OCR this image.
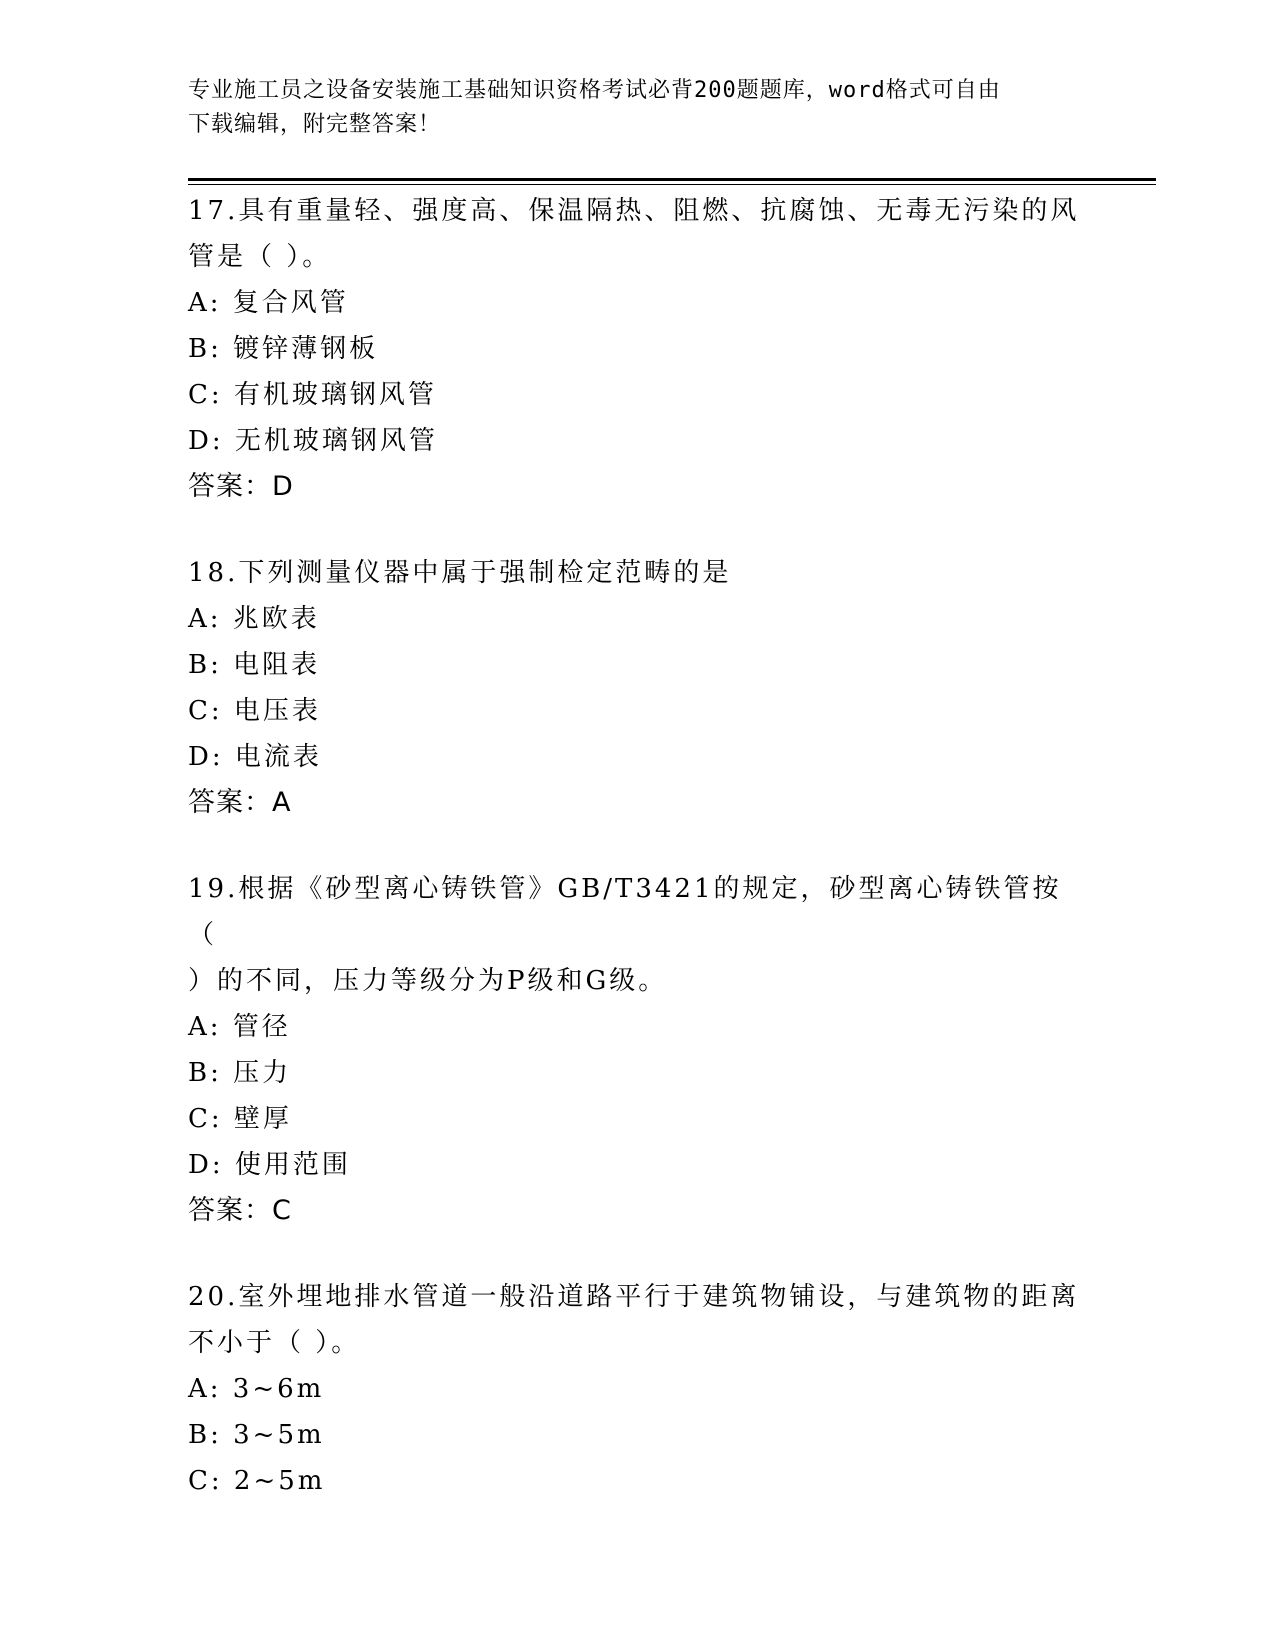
专业施工员之设备安装施工基础知识资格考试必背200题题库，word格式可自由
下载编辑，附完整答案！
17.具有重量轻、强度高、保温隔热、阻燃、抗腐蚀、无毒无污染的风
管是（ ）。
A: 复合风管
B: 镀锌薄钢板
C: 有机玻璃钢风管
D: 无机玻璃钢风管
答案：D
18.下列测量仪器中属于强制检定范畴的是
A: 兆欧表
B: 电阻表
C: 电压表
D: 电流表
答案：A
19.根据《砂型离心铸铁管》GB/T3421的规定，砂型离心铸铁管按（
）的不同，压力等级分为P级和G级。
A: 管径
B: 压力
C: 壁厚
D: 使用范围
答案：C
20.室外埋地排水管道一般沿道路平行于建筑物铺设，与建筑物的距离
不小于（ ）。
A: 3~6m
B: 3~5m
C: 2~5m
